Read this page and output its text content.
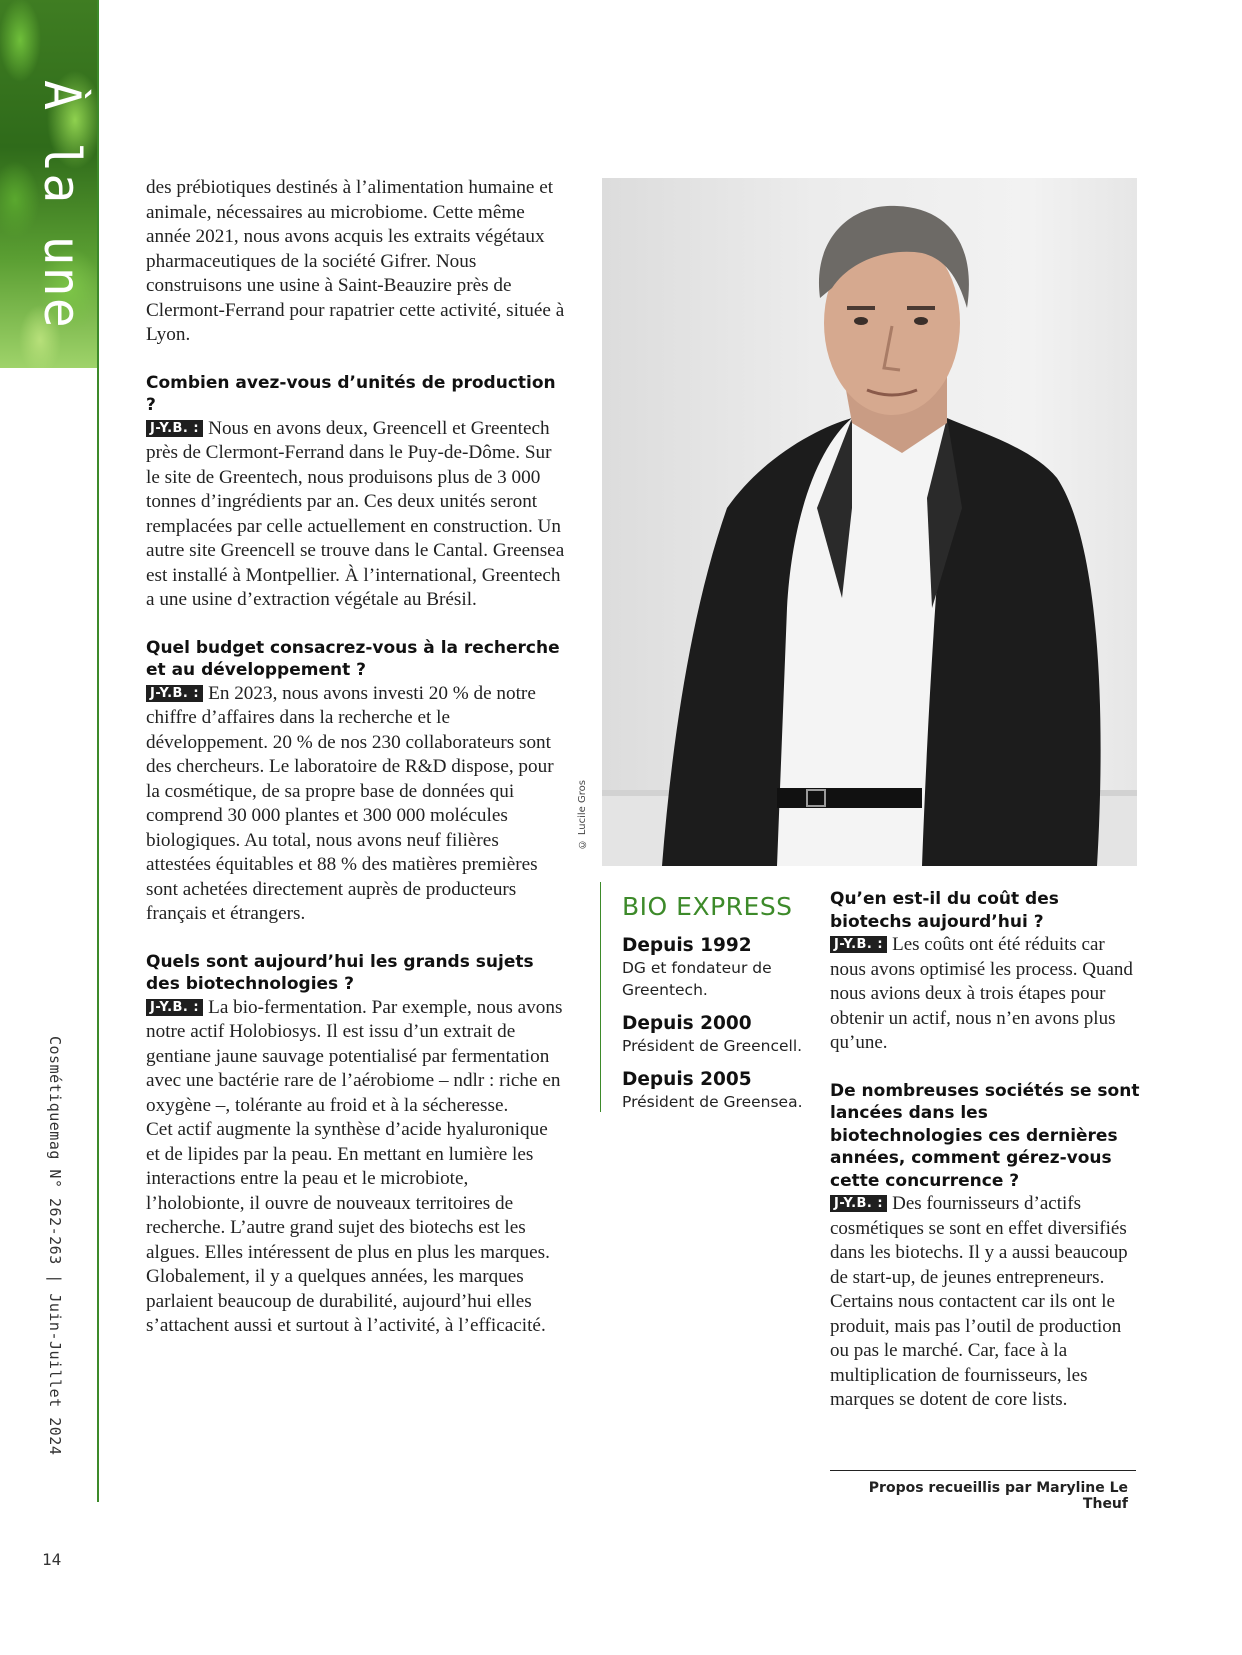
À la une
Cosmétiquemag N° 262-263 | Juin-Juillet 2024
14

des prébiotiques destinés à l’alimentation humaine et animale, nécessaires au microbiome. Cette même année 2021, nous avons acquis les extraits végétaux pharmaceutiques de la société Gifrer. Nous construisons une usine à Saint-Beauzire près de Clermont-Ferrand pour rapatrier cette activité, située à Lyon.

Combien avez-vous d’unités de production ?

J-Y.B. : Nous en avons deux, Greencell et Greentech près de Clermont-Ferrand dans le Puy-de-Dôme. Sur le site de Greentech, nous produisons plus de 3 000 tonnes d’ingrédients par an. Ces deux unités seront remplacées par celle actuellement en construction. Un autre site Greencell se trouve dans le Cantal. Greensea est installé à Montpellier. À l’international, Greentech a une usine d’extraction végétale au Brésil.

Quel budget consacrez-vous à la recherche et au développement ?

J-Y.B. : En 2023, nous avons investi 20 % de notre chiffre d’affaires dans la recherche et le développement. 20 % de nos 230 collaborateurs sont des chercheurs. Le laboratoire de R&D dispose, pour la cosmétique, de sa propre base de données qui comprend 30 000 plantes et 300 000 molécules biologiques. Au total, nous avons neuf filières attestées équitables et 88 % des matières premières sont achetées directement auprès de producteurs français et étrangers.

Quels sont aujourd’hui les grands sujets des biotechnologies ?

J-Y.B. : La bio-fermentation. Par exemple, nous avons notre actif Holobiosys. Il est issu d’un extrait de gentiane jaune sauvage potentialisé par fermentation avec une bactérie rare de l’aérobiome – ndlr : riche en oxygène –, tolérante au froid et à la sécheresse.

Cet actif augmente la synthèse d’acide hyaluronique et de lipides par la peau. En mettant en lumière les interactions entre la peau et le microbiote, l’holobionte, il ouvre de nouveaux territoires de recherche. L’autre grand sujet des biotechs est les algues. Elles intéressent de plus en plus les marques. Globalement, il y a quelques années, les marques parlaient beaucoup de durabilité, aujourd’hui elles s’attachent aussi et surtout à l’activité, à l’efficacité.

© Lucile Gros
BIO EXPRESS

Depuis 1992

DG et fondateur de Greentech.

Depuis 2000

Président de Greencell.

Depuis 2005

Président de Greensea.

Qu’en est-il du coût des biotechs aujourd’hui ?

J-Y.B. : Les coûts ont été réduits car nous avons optimisé les process. Quand nous avions deux à trois étapes pour obtenir un actif, nous n’en avons plus qu’une.

De nombreuses sociétés se sont lancées dans les biotechnologies ces dernières années, comment gérez-vous cette concurrence ?

J-Y.B. : Des fournisseurs d’actifs cosmétiques se sont en effet diversifiés dans les biotechs. Il y a aussi beaucoup de start-up, de jeunes entrepreneurs. Certains nous contactent car ils ont le produit, mais pas l’outil de production ou pas le marché. Car, face à la multiplication de fournisseurs, les marques se dotent de core lists.

Propos recueillis par Maryline Le Theuf
